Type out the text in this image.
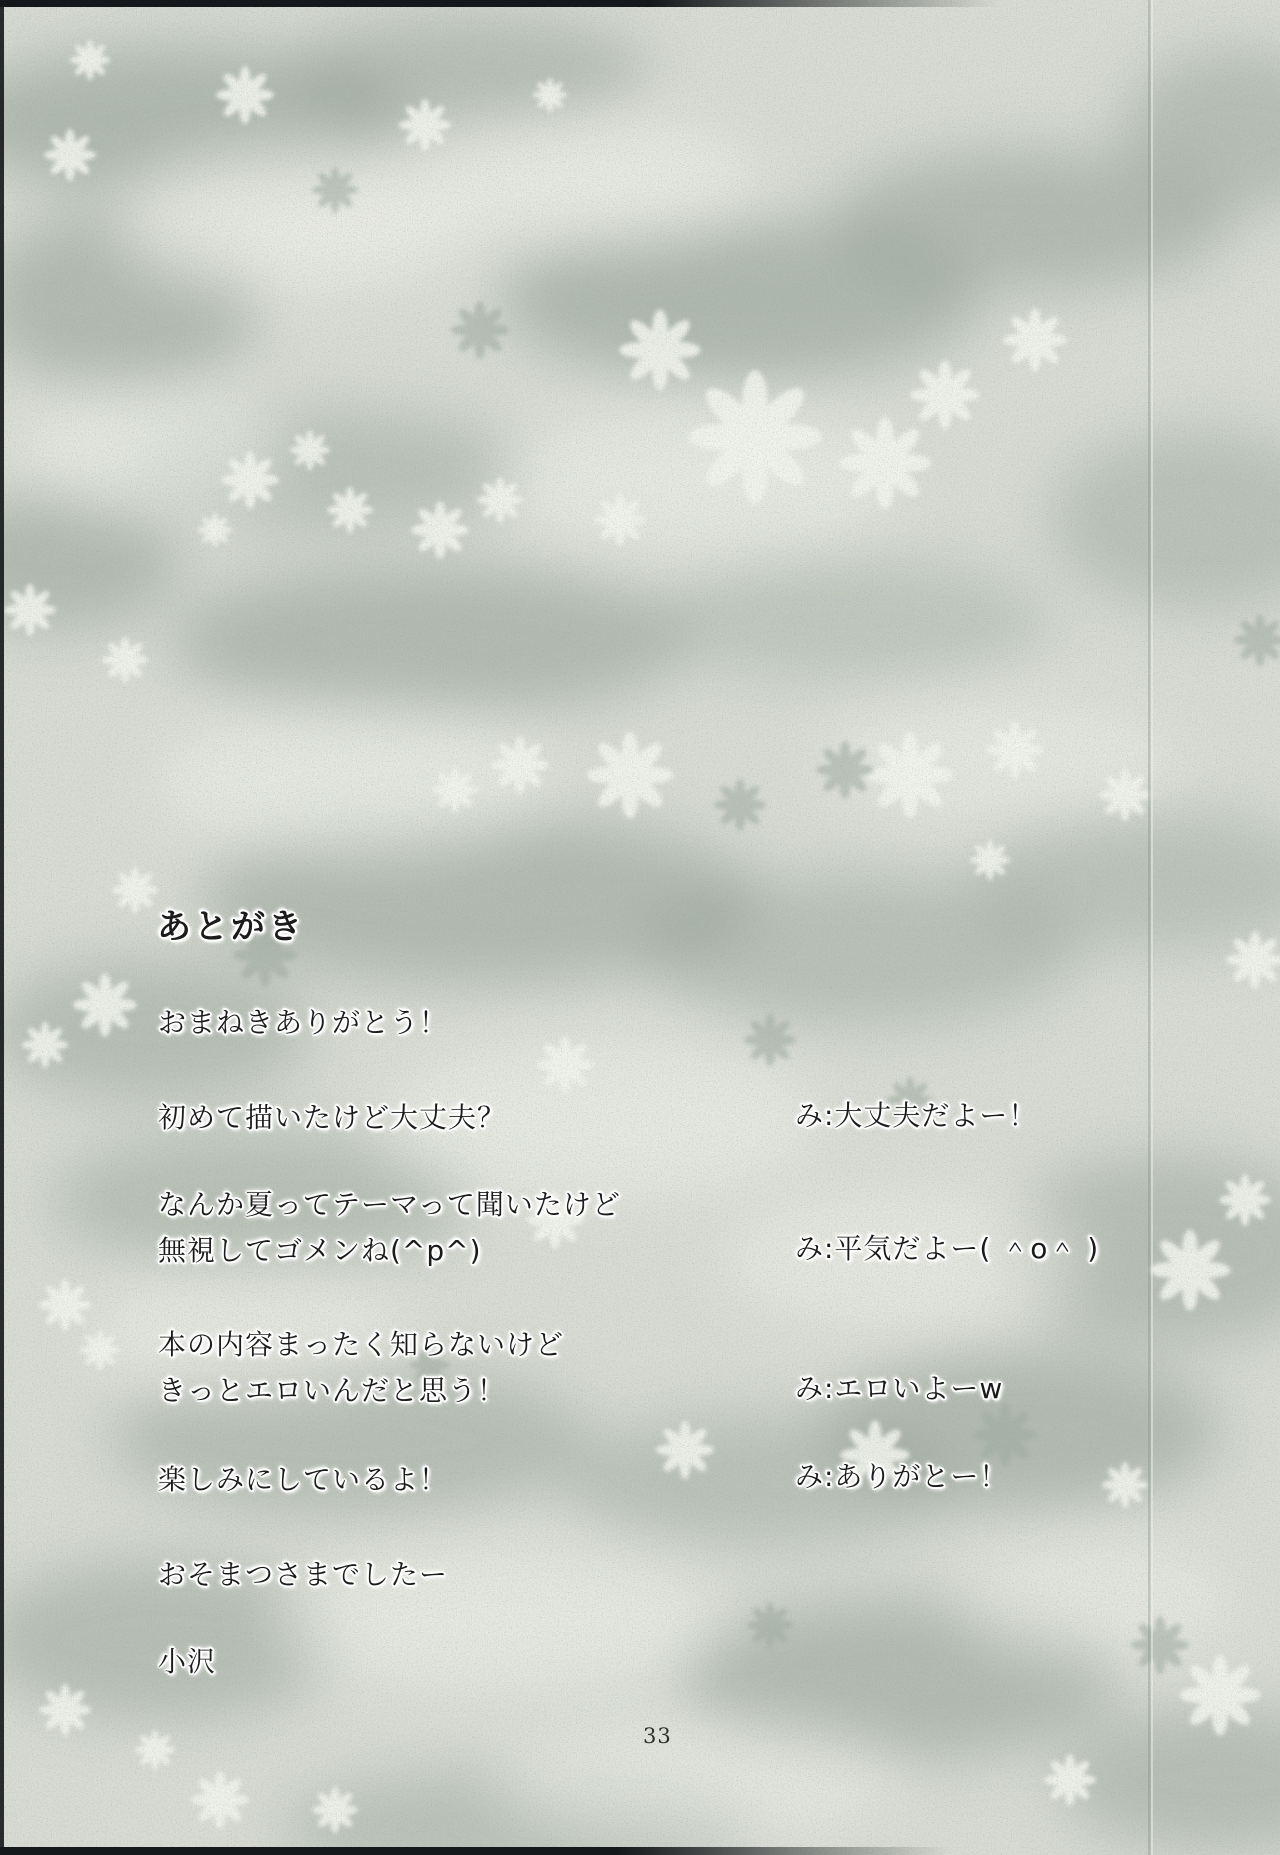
あとがき
おまねきありがとう！
初めて描いたけど大丈夫？	み:大丈夫だよー！
なんか夏ってテーマって聞いたけど
無視してゴメンね(^p^)	み:平気だよー( ＾o＾ )
本の内容まったく知らないけど
きっとエロいんだと思う！	み:エロいよーw
楽しみにしているよ！	み:ありがとー！
おそまつさまでしたー
小沢
33
